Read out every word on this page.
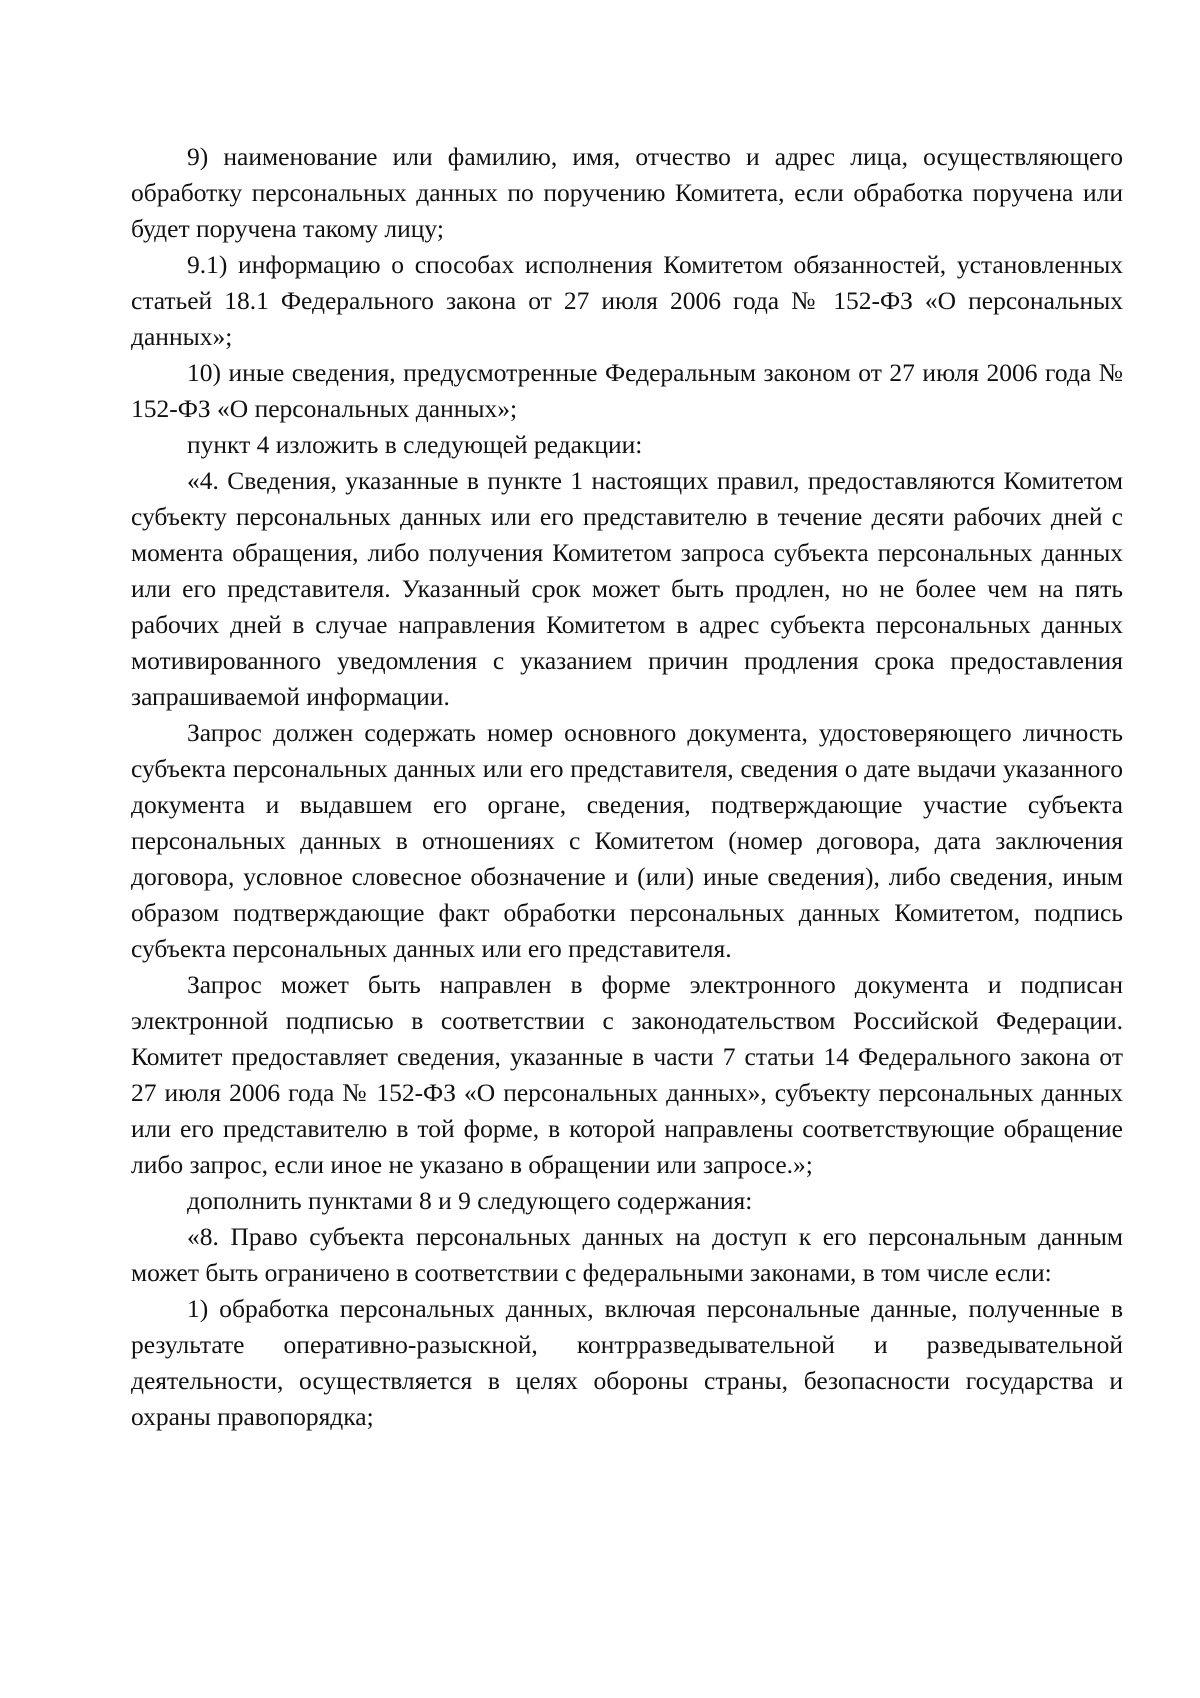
9) наименование или фамилию, имя, отчество и адрес лица, осуществляющего обработку персональных данных по поручению Комитета, если обработка поручена или будет поручена такому лицу;

9.1) информацию о способах исполнения Комитетом обязанностей, установленных статьей 18.1 Федерального закона от 27 июля 2006 года № 152-ФЗ «О персональных данных»;

10) иные сведения, предусмотренные Федеральным законом от 27 июля 2006 года № 152-ФЗ «О персональных данных»;

пункт 4 изложить в следующей редакции:

«4. Сведения, указанные в пункте 1 настоящих правил, предоставляются Комитетом субъекту персональных данных или его представителю в течение десяти рабочих дней с момента обращения, либо получения Комитетом запроса субъекта персональных данных или его представителя. Указанный срок может быть продлен, но не более чем на пять рабочих дней в случае направления Комитетом в адрес субъекта персональных данных мотивированного уведомления с указанием причин продления срока предоставления запрашиваемой информации.

Запрос должен содержать номер основного документа, удостоверяющего личность субъекта персональных данных или его представителя, сведения о дате выдачи указанного документа и выдавшем его органе, сведения, подтверждающие участие субъекта персональных данных в отношениях с Комитетом (номер договора, дата заключения договора, условное словесное обозначение и (или) иные сведения), либо сведения, иным образом подтверждающие факт обработки персональных данных Комитетом, подпись субъекта персональных данных или его представителя.

Запрос может быть направлен в форме электронного документа и подписан электронной подписью в соответствии с законодательством Российской Федерации. Комитет предоставляет сведения, указанные в части 7 статьи 14 Федерального закона от 27 июля 2006 года № 152-ФЗ «О персональных данных», субъекту персональных данных или его представителю в той форме, в которой направлены соответствующие обращение либо запрос, если иное не указано в обращении или запросе.»;

дополнить пунктами 8 и 9 следующего содержания:

«8. Право субъекта персональных данных на доступ к его персональным данным может быть ограничено в соответствии с федеральными законами, в том числе если:

1) обработка персональных данных, включая персональные данные, полученные в результате оперативно-разыскной, контрразведывательной и разведывательной деятельности, осуществляется в целях обороны страны, безопасности государства и охраны правопорядка;
